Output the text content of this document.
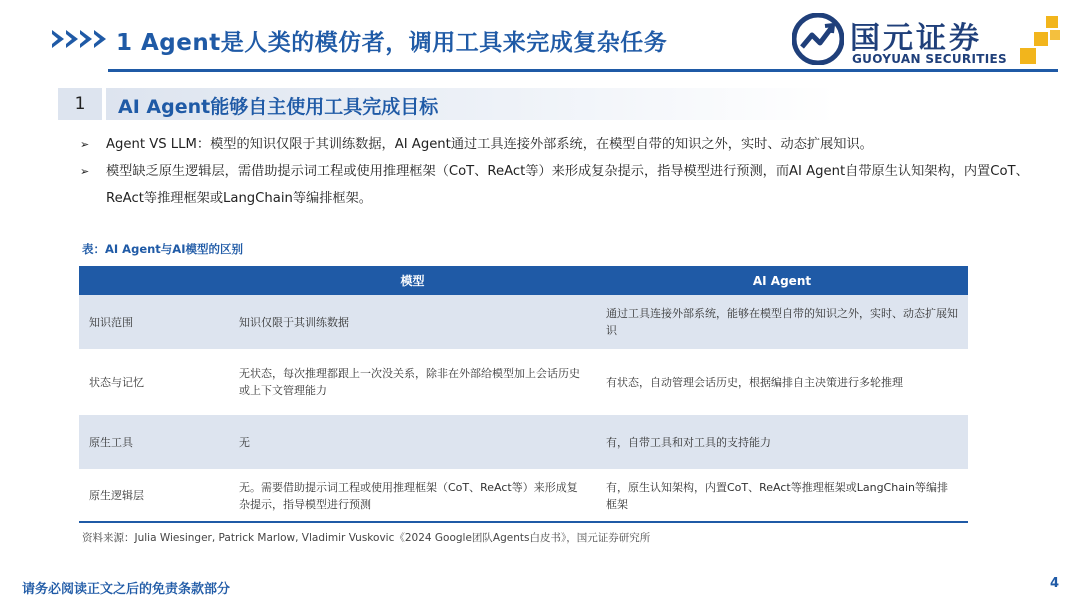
1 Agent是人类的模仿者，调用工具来完成复杂任务	国元证券
GUOYUAN SECURITIES
1	AI Agent能够自主使用工具完成目标
➢ Agent VS LLM：模型的知识仅限于其训练数据，AI Agent通过工具连接外部系统，在模型自带的知识之外，实时、动态扩展知识。
➢ 模型缺乏原生逻辑层，需借助提示词工程或使用推理框架（CoT、ReAct等）来形成复杂提示，指导模型进行预测，而AI Agent自带原生认知架构，内置CoT、ReAct等推理框架或LangChain等编排框架。
表：AI Agent与AI模型的区别
	模型	AI Agent
知识范围	知识仅限于其训练数据	通过工具连接外部系统，能够在模型自带的知识之外，实时、动态扩展知识
状态与记忆	无状态，每次推理都跟上一次没关系，除非在外部给模型加上会话历史或上下文管理能力	有状态，自动管理会话历史，根据编排自主决策进行多轮推理
原生工具	无	有，自带工具和对工具的支持能力
原生逻辑层	无。需要借助提示词工程或使用推理框架（CoT、ReAct等）来形成复杂提示，指导模型进行预测	有，原生认知架构，内置CoT、ReAct等推理框架或LangChain等编排框架
资料来源：Julia Wiesinger, Patrick Marlow, Vladimir Vuskovic《2024 Google团队Agents白皮书》，国元证券研究所
请务必阅读正文之后的免责条款部分	4
